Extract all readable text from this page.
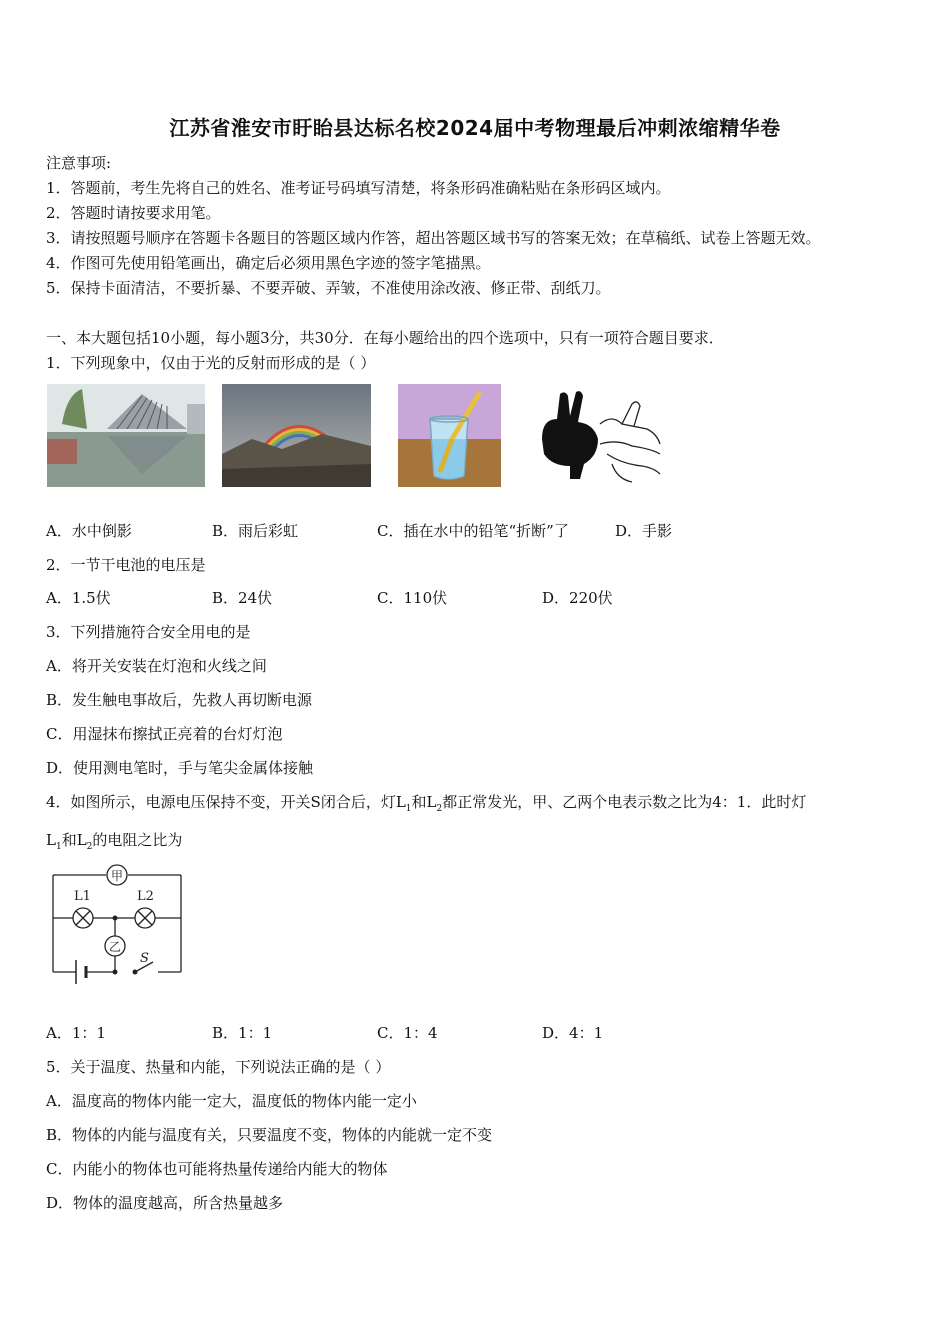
江苏省淮安市盱眙县达标名校2024届中考物理最后冲刺浓缩精华卷
注意事项:
1．答题前，考生先将自己的姓名、准考证号码填写清楚，将条形码准确粘贴在条形码区域内。
2．答题时请按要求用笔。
3．请按照题号顺序在答题卡各题目的答题区域内作答，超出答题区域书写的答案无效；在草稿纸、试卷上答题无效。
4．作图可先使用铅笔画出，确定后必须用黑色字迹的签字笔描黑。
5．保持卡面清洁，不要折暴、不要弄破、弄皱，不准使用涂改液、修正带、刮纸刀。
一、本大题包括10小题，每小题3分，共30分．在每小题给出的四个选项中，只有一项符合题目要求．
1．下列现象中，仅由于光的反射而形成的是（ ）
A．水中倒影	B．雨后彩虹	C．插在水中的铅笔“折断”了	D．手影
2．一节干电池的电压是
A．1.5伏	B．24伏	C．110伏	D．220伏
3．下列措施符合安全用电的是
A．将开关安装在灯泡和火线之间
B．发生触电事故后，先救人再切断电源
C．用湿抹布擦拭正亮着的台灯灯泡
D．使用测电笔时，手与笔尖金属体接触
4．如图所示，电源电压保持不变，开关S闭合后，灯$L_1$和$L_2$都正常发光，甲、乙两个电表示数之比为4：1．此时灯
$L_1$和$L_2$的电阻之比为
甲
乙
L1	L2
S
A．1：1	B．1：1	C．1：4	D．4：1
5．关于温度、热量和内能，下列说法正确的是（ ）
A．温度高的物体内能一定大，温度低的物体内能一定小
B．物体的内能与温度有关，只要温度不变，物体的内能就一定不变
C．内能小的物体也可能将热量传递给内能大的物体
D．物体的温度越高，所含热量越多
